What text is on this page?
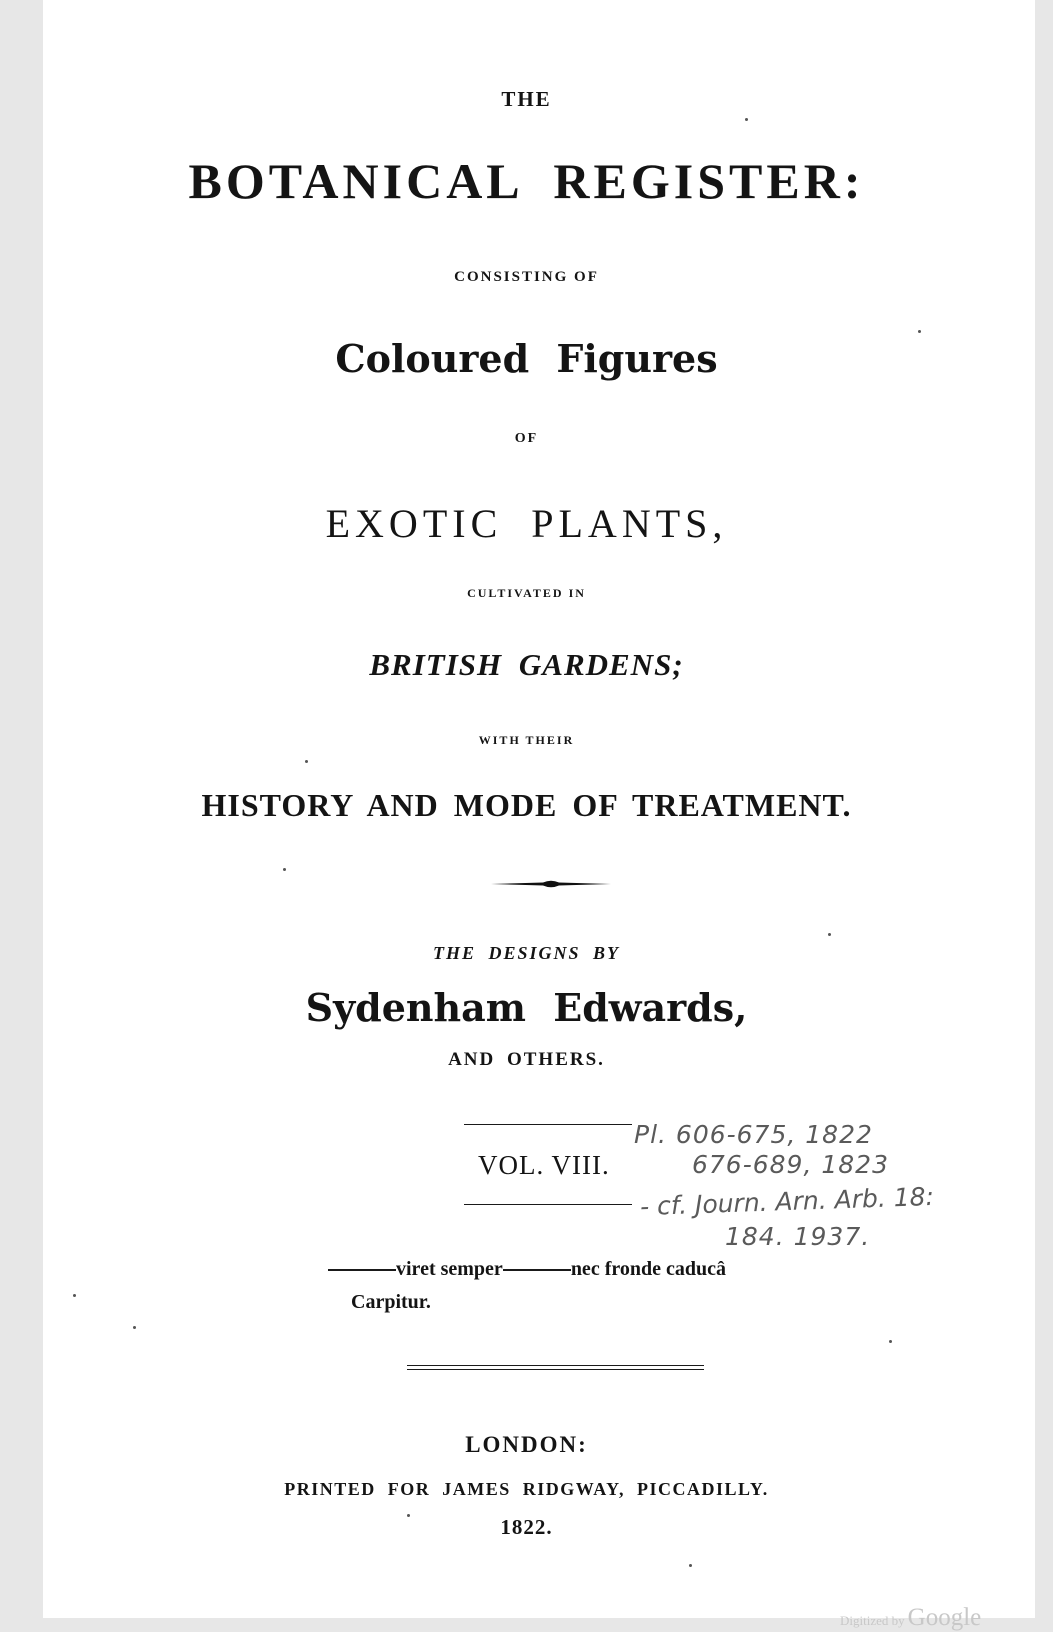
THE
BOTANICAL REGISTER:
CONSISTING OF
Coloured Figures
OF
EXOTIC PLANTS,
CULTIVATED IN
BRITISH GARDENS;
WITH THEIR
HISTORY AND MODE OF TREATMENT.
THE DESIGNS BY
Sydenham Edwards,
AND OTHERS.
VOL. VIII.
Pl. 606-675, 1822
676-689, 1823
- cf. Journ. Arn. Arb. 18:
184. 1937.
viret semper	nec fronde caducâ
Carpitur.
LONDON:
PRINTED FOR JAMES RIDGWAY, PICCADILLY.
1822.
Digitized by Google
